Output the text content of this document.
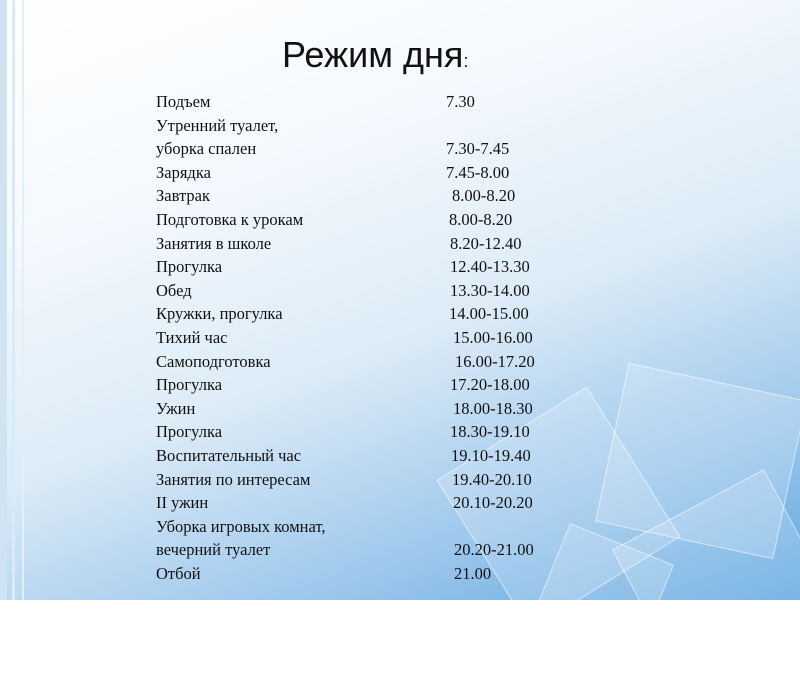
Режим дня:
Подъем	7.30
Утренний туалет,
уборка спален	7.30-7.45
Зарядка	7.45-8.00
Завтрак	8.00-8.20
Подготовка к урокам	8.00-8.20
Занятия в школе	8.20-12.40
Прогулка	12.40-13.30
Обед	13.30-14.00
Кружки, прогулка	14.00-15.00
Тихий час	15.00-16.00
Самоподготовка	16.00-17.20
Прогулка	17.20-18.00
Ужин	18.00-18.30
Прогулка	18.30-19.10
Воспитательный час	19.10-19.40
Занятия по интересам	19.40-20.10
II ужин	20.10-20.20
Уборка игровых комнат,
вечерний туалет	20.20-21.00
Отбой	21.00
